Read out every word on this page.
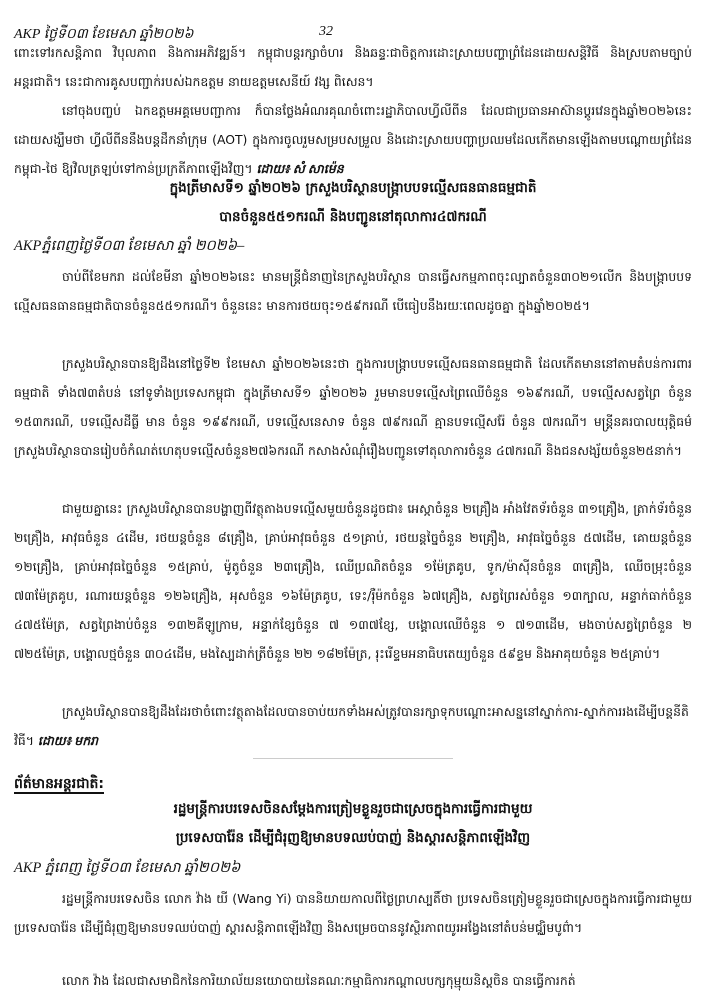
AKP ថ្ងៃទី០៣ ខែមេសា ឆ្នាំ២០២៦	32
ពោះទៅរកសន្តិភាព វិបុលភាព និងការអភិវឌ្ឍន៍។ កម្ពុជាបន្តរក្សាចំហរ និងឆន្ទៈជាចិត្តការដោះស្រាយបញ្ហាព្រំដែនដោយសន្តិវិធី និងស្របតាមច្បាប់អន្តរជាតិ។ នេះជាការគូសបញ្ជាក់របស់ឯកឧត្តម នាយឧត្តមសេនីយ៍ វង្ស ពិសេន។
នៅចុងបញ្ចប់ ឯកឧត្តមអគ្គមេបញ្ជាការ ក៏បានថ្លែងអំណរគុណចំពោះរដ្ឋាភិបាលហ្វីលីពីន ដែលជាប្រធានអាស៊ានប្តូរវេនក្នុងឆ្នាំ២០២៦នេះ ដោយសង្ឃឹមថា ហ្វីលីពីននឹងបន្តដឹកនាំក្រុម (AOT) ក្នុងការចូលរួមសម្របសម្រួល និងដោះស្រាយបញ្ហាប្រឈមដែលកើតមានឡើងតាមបណ្តោយព្រំដែនកម្ពុជា-ថៃ ឱ្យវិលត្រឡប់ទៅកាន់ប្រក្រតីភាពឡើងវិញ។ ដោយ៖ សំ សាម៉េន
ក្នុងត្រីមាសទី១ ឆ្នាំ២០២៦ ក្រសួងបរិស្ថានបង្ក្រាបបទល្មើសធនធានធម្មជាតិ
បានចំនួន៥៥១ករណី និងបញ្ជូននៅតុលាការ៤៧ករណី
AKPភ្នំពេញថ្ងៃទី០៣ ខែមេសា ឆ្នាំ ២០២៦–
ចាប់ពីខែមករា ដល់ខែមីនា ឆ្នាំ២០២៦នេះ មានមន្ត្រីជំនាញនៃក្រសួងបរិស្ថាន បានធ្វើសកម្មភាពចុះល្បាតចំនួន៣០២១លើក និងបង្ក្រាបបទល្មើសធនធានធម្មជាតិបានចំនួន៥៥១ករណី។ ចំនួននេះ មានការថយចុះ១៥៩ករណី បើធៀបនឹងរយៈពេលដូចគ្នា ក្នុងឆ្នាំ២០២៥។
ក្រសួងបរិស្ថានបានឱ្យដឹងនៅថ្ងៃទី២ ខែមេសា ឆ្នាំ២០២៦នេះថា ក្នុងការបង្ក្រាបបទល្មើសធនធានធម្មជាតិ ដែលកើតមាននៅតាមតំបន់ការពារធម្មជាតិ ទាំង៧៣តំបន់ នៅទូទាំងប្រទេសកម្ពុជា ក្នុងត្រីមាសទី១ ឆ្នាំ២០២៦ រួមមានបទល្មើសព្រៃឈើចំនួន ១៦៩ករណី, បទល្មើសសត្វព្រៃ ចំនួន ១៥៣ករណី, បទល្មើសដីធ្លី មាន ចំនួន ១៩៩ករណី, បទល្មើសនេសាទ ចំនួន ៧៩ករណី គ្មានបទល្មើសរ៉ែ ចំនួន ៧ករណី។ មន្ត្រីនគរបាលយុត្តិធម៌ ក្រសួងបរិស្ថានបានរៀបចំកំណត់ហេតុបទល្មើសចំនួន២៧៦ករណី កសាងសំណុំរឿងបញ្ជូនទៅតុលាការចំនួន ៤៧ករណី និងជនសង្ស័យចំនួន២៥នាក់។
ជាមួយគ្នានេះ ក្រសួងបរិស្ថានបានបង្ហាញពីវត្ថុតាងបទល្មើសមួយចំនួនដូចជា៖ អេស្កាចំនួន ២គ្រឿង អាំងវែតទ័រចំនួន ៣១គ្រឿង, ត្រាក់ទ័រចំនួន ២គ្រឿង, អាវុធចំនួន ៤ដើម, រថយន្តចំនួន ៨គ្រឿង, គ្រាប់អាវុធចំនួន ៥១គ្រាប់, រថយន្តច្នៃចំនួន ២គ្រឿង, អាវុធច្នៃចំនួន ៥៧ដើម, គោយន្តចំនួន ១២គ្រឿង, គ្រាប់អាវុធច្នៃចំនួន ១៥គ្រាប់, ម៉ូតូចំនួន ២៣គ្រឿង, ឈើប្រណិតចំនួន ១ម៉ែត្រគូប, ទូក/ម៉ាស៊ីនចំនួន ៣គ្រឿង, ឈើចម្រុះចំនួន ៧៣ម៉ែត្រគូប, រណារយន្តចំនួន ១២៦គ្រឿង, អុសចំនួន ១៦ម៉ែត្រគូប, ទេះ/រ៉ឺម៉កចំនួន ៦៧គ្រឿង, សត្វព្រៃរស់ចំនួន ១៣ក្បាល, អន្ទាក់ធាក់ចំនួន ៤៧៥ម៉ែត្រ, សត្វព្រៃងាប់ចំនួន ១៣២គីឡូក្រាម, អន្ទាក់ខ្សែចំនួន ៧ ១៣៧ខ្សែ, បង្គោលឈើចំនួន ១ ៧១៣ដើម, មងចាប់សត្វព្រៃចំនួន ២ ៧២៥ម៉ែត្រ, បង្គោលថ្មចំនួន ៣០៤ដើម, មងស្បៃដាក់ត្រីចំនួន ២២ ១៨២ម៉ែត្រ, រុះរើខ្ទមអនាធិបតេយ្យចំនួន ៥៩ខ្ទម និងអាគុយចំនួន ២៥គ្រាប់។
ក្រសួងបរិស្ថានបានឱ្យដឹងដែរថាចំពោះវត្ថុតាងដែលបានចាប់យកទាំងអស់ត្រូវបានរក្សាទុកបណ្ដោះអាសន្ននៅស្នាក់ការ-ស្នាក់ការរងដើម្បីបន្តនីតិវិធី។ ដោយ៖ មករា
ព័ត៌មានអន្តរជាតិ:
រដ្ឋមន្ត្រីការបរទេសចិនសម្តែងការត្រៀមខ្លួនរួចជាស្រេចក្នុងការធ្វើការជាមួយ
ប្រទេសបារ៉ែន ដើម្បីជំរុញឱ្យមានបទឈប់បាញ់ និងស្ដារសន្តិភាពឡើងវិញ
AKP ភ្នំពេញ ថ្ងៃទី០៣ ខែមេសា ឆ្នាំ២០២៦
រដ្ឋមន្ត្រីការបរទេសចិន លោក វ៉ាង យី (Wang Yi) បាននិយាយកាលពីថ្ងៃព្រហស្បតិ៍ថា ប្រទេសចិនត្រៀមខ្លួនរួចជាស្រេចក្នុងការធ្វើការជាមួយប្រទេសបារ៉ែន ដើម្បីជំរុញឱ្យមានបទឈប់បាញ់ ស្ដារសន្តិភាពឡើងវិញ និងសម្រេចបាននូវស្ថិរភាពយូរអង្វែងនៅតំបន់មជ្ឈិមបូព៌ា។
លោក វ៉ាង ដែលជាសមាជិកនៃការិយាល័យនយោបាយនៃគណៈកម្មាធិការកណ្ដាលបក្សកុម្មុយនិស្តចិន បានធ្វើការកត់
